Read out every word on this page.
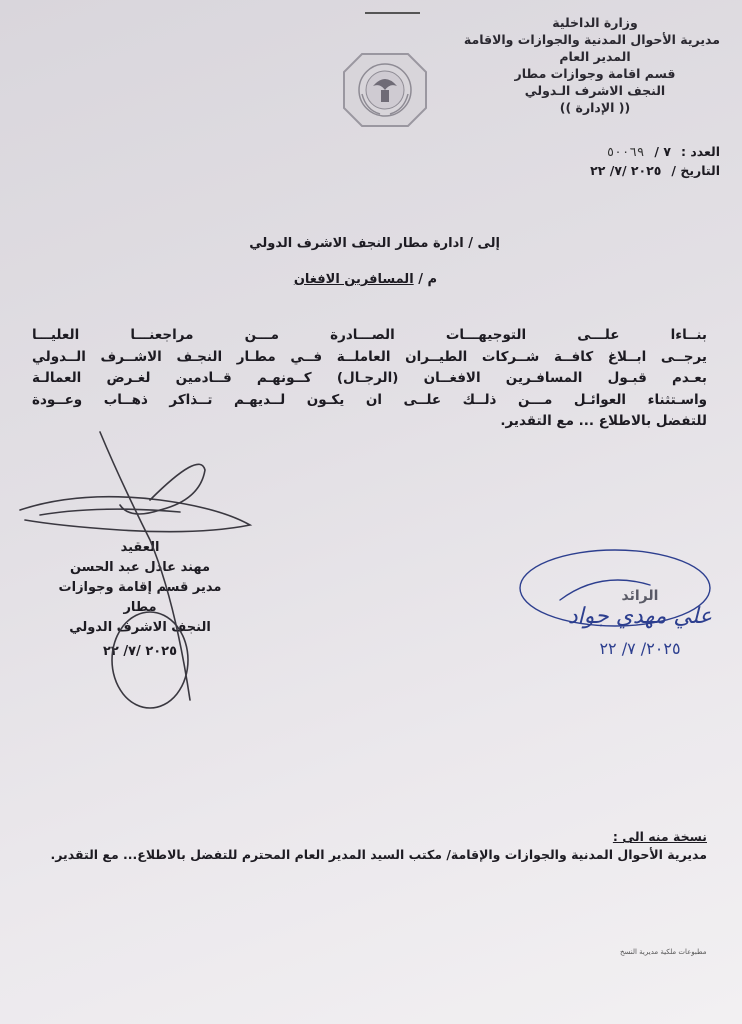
وزارة الداخلية
مديرية الأحوال المدنية والجوازات والاقامة
المدير العام
قسم اقامة وجوازات مطار
النجف الاشرف الـدولي
(( الإدارة ))
العدد :
٧ /
٥٠٠٦٩
التاريخ /
٢٠٢٥ /٧/ ٢٢
إلى / ادارة مطار النجف الاشرف الدولي
م / المسافرين الافغان
بنــاءا علـــى التوجيهـــات الصـــادرة مـــن مراجعنـــا العليـــا
يرجــى ابــلاغ كافــة شــركات الطيــران العاملــة فــي مطـار النجـف الاشــرف الــدولي
بعـدم قبـول المسافـرين الافغــان (الرجـال) كــونهـم قــادمين لغـرض العمالـة
واسـتثناء العوائـل مـــن ذلــك علــى ان يكـون لــديهـم تــذاكر ذهــاب وعــودة
للتفضل بالاطلاع ... مع التقدير.
العقيد
مهند عادل عبد الحسن
مدير قسم إقامة وجوازات مطار
النجف الاشرف الدولي
٢٠٢٥ /٧/ ٢٢
الرائد
علي مهدي جواد
٢٠٢٥/ ٧/ ٢٢
نسخة منه الى :
مديرية الأحوال المدنية والجوازات والإقامة/ مكتب السيد المدير العام المحترم للتفضل بالاطلاع... مع التقدير.
مطبوعات ملكية مديرية النسخ
